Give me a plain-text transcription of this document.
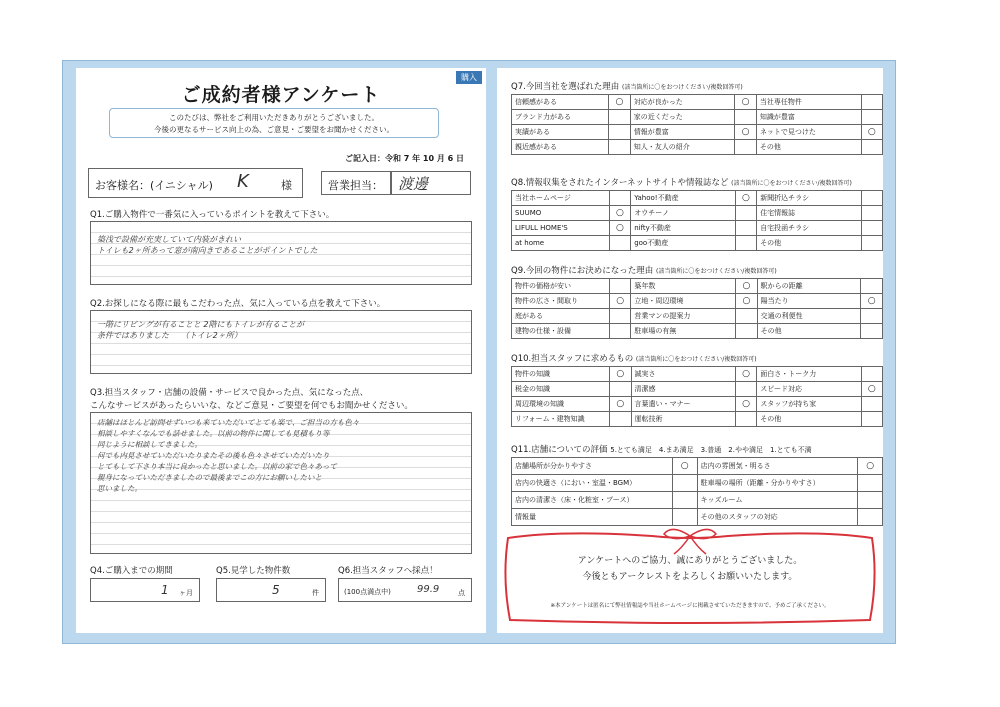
購入
ご成約者様アンケート
このたびは、弊社をご利用いただきありがとうございました。
今後の更なるサービス向上の為、ご意見・ご要望をお聞かせください。
ご記入日：令和 7 年 10 月 6 日
お客様名：(イニシャル) K	様	営業担当：	渡邊
Q1.ご購入物件で一番気に入っているポイントを教えて下さい。
築浅で設備が充実していて内装がきれい
トイレも2ヶ所あって窓が南向きであることがポイントでした
Q2.お探しになる際に最もこだわった点、気に入っている点を教えて下さい。
一階にリビングが有ることと 2階にもトイレが有ることが
条件ではありました　　（トイレ2ヶ所）
Q3.担当スタッフ・店舗の設備・サービスで良かった点、気になった点、
こんなサービスがあったらいいな、などご意見・ご要望を何でもお聞かせください。
店舗はほとんど訪問せずいつも来ていただいてとても楽で、ご担当の方も色々
相談しやすくなんでも話せました。以前の物件に関しても見積もり等
同じように相談してきました。
何でも内見させていただいたりまたその後も色々させていただいたり
とてもして下さり本当に良かったと思いました。以前の家で色々あって
親身になっていただきましたので最後までこの方にお願いしたいと
思いました。
Q4.ご購入までの期間
1 ヶ月
Q5.見学した物件数
5	件
Q6.担当スタッフへ採点！
(100点満点中)	99.9	点
Q7.今回当社を選ばれた理由 (該当箇所に〇をおつけください/複数回答可)
信頼感がある	○	対応が良かった	○	当社専任物件	
ブランド力がある		家の近くだった		知識が豊富	
実績がある		情報が豊富	○	ネットで見つけた	○
親近感がある		知人・友人の紹介		その他	
Q8.情報収集をされたインターネットサイトや情報誌など (該当箇所に〇をおつけください/複数回答可)
当社ホームページ		Yahoo!不動産	○	新聞折込チラシ	
SUUMO	○	オウチーノ		住宅情報誌	
LIFULL HOME'S	○	nifty不動産		自宅投函チラシ	
at home		goo不動産		その他	
Q9.今回の物件にお決めになった理由 (該当箇所に〇をおつけください/複数回答可)
物件の価格が安い		築年数	○	駅からの距離	
物件の広さ・間取り	○	立地・周辺環境	○	陽当たり	○
庭がある		営業マンの提案力		交通の利便性	
建物の仕様・設備		駐車場の有無		その他	
Q10.担当スタッフに求めるもの (該当箇所に〇をおつけください/複数回答可)
物件の知識	○	誠実さ	○	面白さ・トーク力	
税金の知識		清潔感		スピード対応	○
周辺環境の知識	○	言葉遣い・マナー	○	スタッフが持ち家	
リフォーム・建物知識		運転技術		その他	
Q11.店舗についての評価 5.とても満足　4.まあ満足　3.普通　2.やや満足　1.とても不満
店舗場所が分かりやすさ	○	店内の雰囲気・明るさ	○
店内の快適さ（におい・室温・BGM）		駐車場の場所（距離・分かりやすさ）	
店内の清潔さ（床・化粧室・ブース）		キッズルーム	
情報量		その他のスタッフの対応	
アンケートへのご協力、誠にありがとうございました。
今後ともアークレストをよろしくお願いいたします。
※本アンケートは匿名にて弊社情報誌や当社ホームページに掲載させていただきますので、予めご了承ください。
